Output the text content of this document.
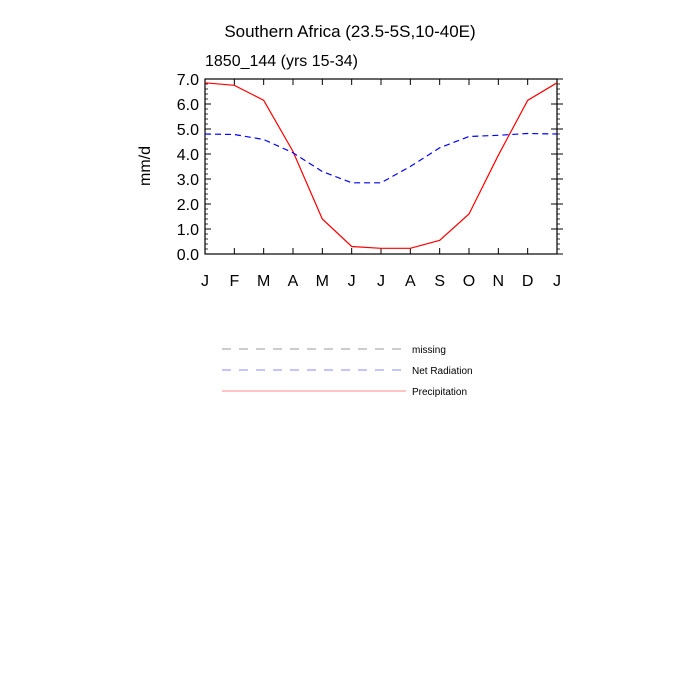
Southern Africa (23.5-5S,10-40E)
1850_144 (yrs 15-34)
mm/d
0.0
1.0
2.0
3.0
4.0
5.0
6.0
7.0
J F M A M J J A S O N D J
missing
Net Radiation
Precipitation
